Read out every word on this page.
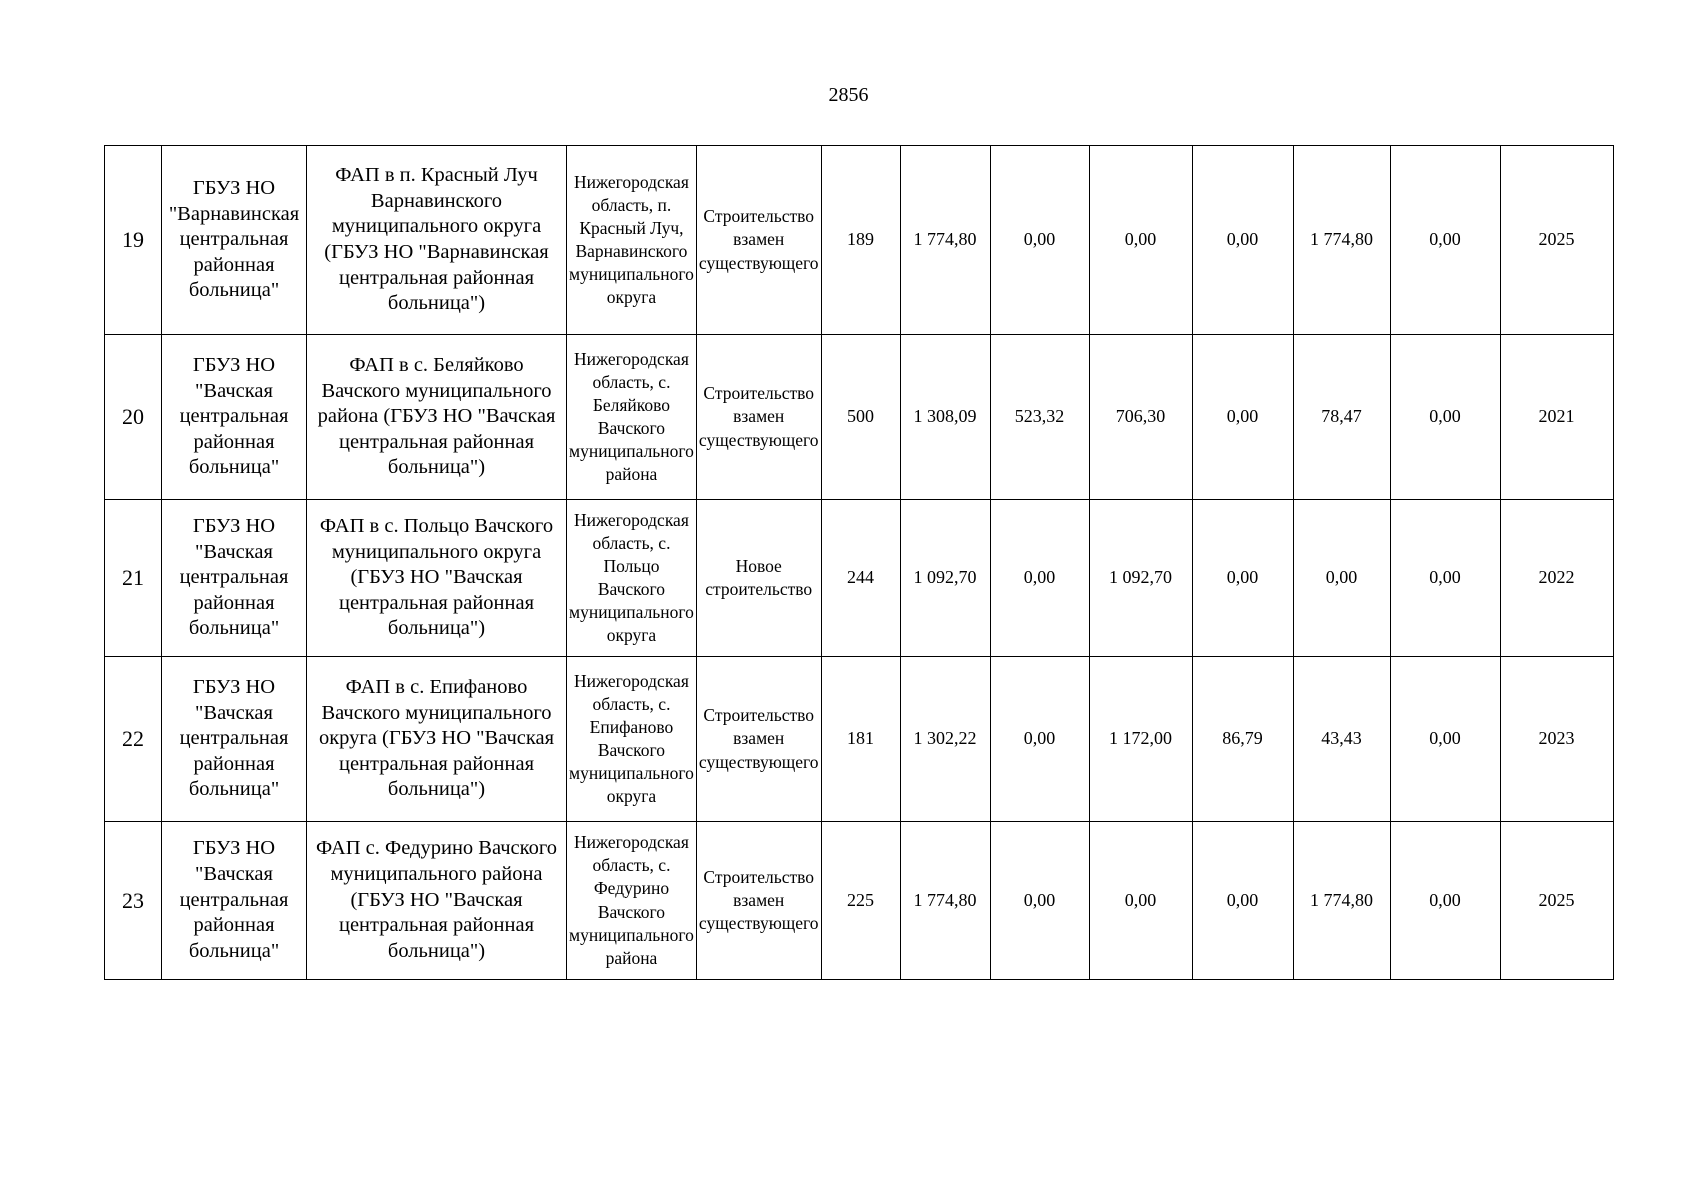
2856
19	ГБУЗ НО "Варнавинская центральная районная больница"	ФАП в п. Красный Луч Варнавинского муниципального округа (ГБУЗ НО "Варнавинская центральная районная больница")	Нижегородская область, п. Красный Луч, Варнавинского муниципального округа	Строительство взамен существующего	189	1 774,80	0,00	0,00	0,00	1 774,80	0,00	2025
20	ГБУЗ НО "Вачская центральная районная больница"	ФАП в с. Беляйково Вачского муниципального района (ГБУЗ НО "Вачская центральная районная больница")	Нижегородская область, с. Беляйково Вачского муниципального района	Строительство взамен существующего	500	1 308,09	523,32	706,30	0,00	78,47	0,00	2021
21	ГБУЗ НО "Вачская центральная районная больница"	ФАП в с. Польцо Вачского муниципального округа (ГБУЗ НО "Вачская центральная районная больница")	Нижегородская область, с. Польцо Вачского муниципального округа	Новое строительство	244	1 092,70	0,00	1 092,70	0,00	0,00	0,00	2022
22	ГБУЗ НО "Вачская центральная районная больница"	ФАП в с. Епифаново Вачского муниципального округа (ГБУЗ НО "Вачская центральная районная больница")	Нижегородская область, с. Епифаново Вачского муниципального округа	Строительство взамен существующего	181	1 302,22	0,00	1 172,00	86,79	43,43	0,00	2023
23	ГБУЗ НО "Вачская центральная районная больница"	ФАП с. Федурино Вачского муниципального района (ГБУЗ НО "Вачская центральная районная больница")	Нижегородская область, с. Федурино Вачского муниципального района	Строительство взамен существующего	225	1 774,80	0,00	0,00	0,00	1 774,80	0,00	2025
